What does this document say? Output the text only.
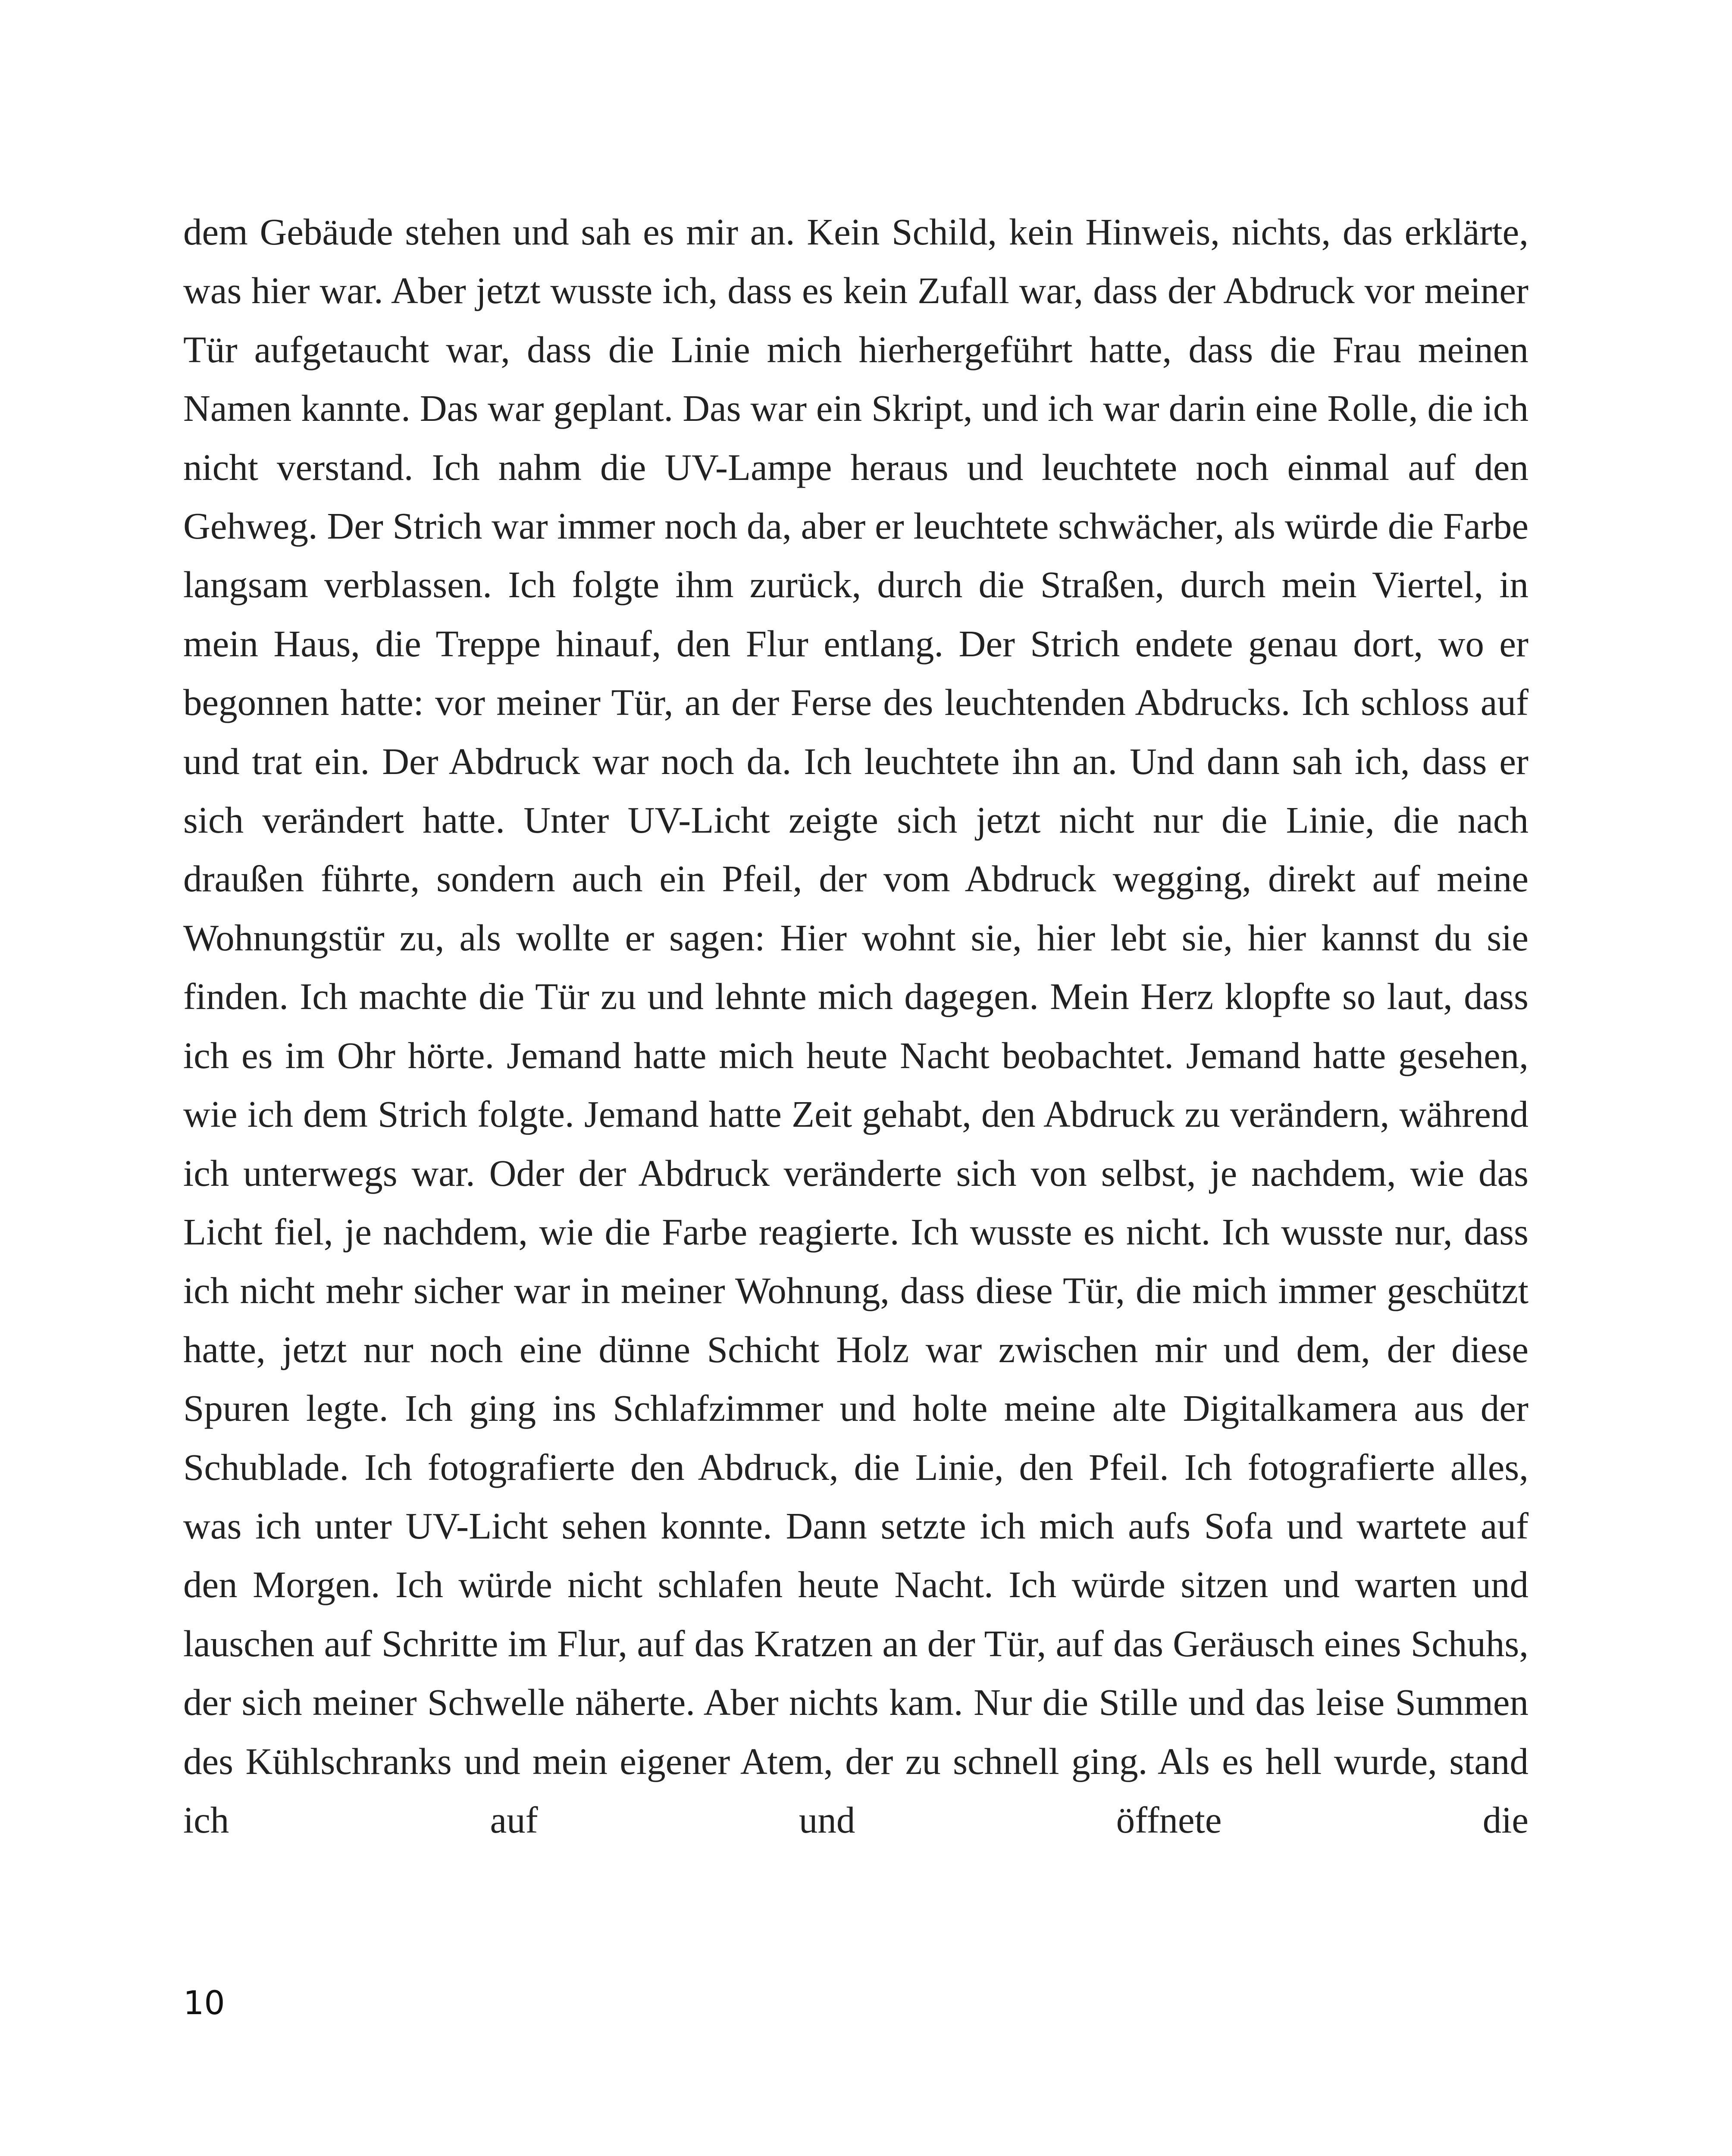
dem Gebäude stehen und sah es mir an. Kein Schild, kein Hinweis, nichts, das erklärte, was hier war. Aber jetzt wusste ich, dass es kein Zufall war, dass der Abdruck vor meiner Tür aufgetaucht war, dass die Linie mich hierhergeführt hatte, dass die Frau meinen Namen kannte. Das war geplant. Das war ein Skript, und ich war darin eine Rolle, die ich nicht verstand. Ich nahm die UV-Lampe heraus und leuchtete noch einmal auf den Gehweg. Der Strich war immer noch da, aber er leuchtete schwächer, als würde die Farbe langsam verblassen. Ich folgte ihm zurück, durch die Straßen, durch mein Viertel, in mein Haus, die Treppe hinauf, den Flur entlang. Der Strich endete genau dort, wo er begonnen hatte: vor meiner Tür, an der Ferse des leuchtenden Abdrucks. Ich schloss auf und trat ein. Der Abdruck war noch da. Ich leuchtete ihn an. Und dann sah ich, dass er sich verändert hatte. Unter UV-Licht zeigte sich jetzt nicht nur die Linie, die nach draußen führte, sondern auch ein Pfeil, der vom Abdruck wegging, direkt auf meine Wohnungstür zu, als wollte er sagen: Hier wohnt sie, hier lebt sie, hier kannst du sie finden. Ich machte die Tür zu und lehnte mich dagegen. Mein Herz klopfte so laut, dass ich es im Ohr hörte. Jemand hatte mich heute Nacht beobachtet. Jemand hatte gesehen, wie ich dem Strich folgte. Jemand hatte Zeit gehabt, den Abdruck zu verändern, während ich unterwegs war. Oder der Abdruck veränderte sich von selbst, je nachdem, wie das Licht fiel, je nachdem, wie die Farbe reagierte. Ich wusste es nicht. Ich wusste nur, dass ich nicht mehr sicher war in meiner Wohnung, dass diese Tür, die mich immer geschützt hatte, jetzt nur noch eine dünne Schicht Holz war zwischen mir und dem, der diese Spuren legte. Ich ging ins Schlafzimmer und holte meine alte Digitalkamera aus der Schublade. Ich fotografierte den Abdruck, die Linie, den Pfeil. Ich fotografierte alles, was ich unter UV-Licht sehen konnte. Dann setzte ich mich aufs Sofa und wartete auf den Morgen. Ich würde nicht schlafen heute Nacht. Ich würde sitzen und warten und lauschen auf Schritte im Flur, auf das Kratzen an der Tür, auf das Geräusch eines Schuhs, der sich meiner Schwelle näherte. Aber nichts kam. Nur die Stille und das leise Summen des Kühlschranks und mein eigener Atem, der zu schnell ging. Als es hell wurde, stand ich auf und öffnete die

10
